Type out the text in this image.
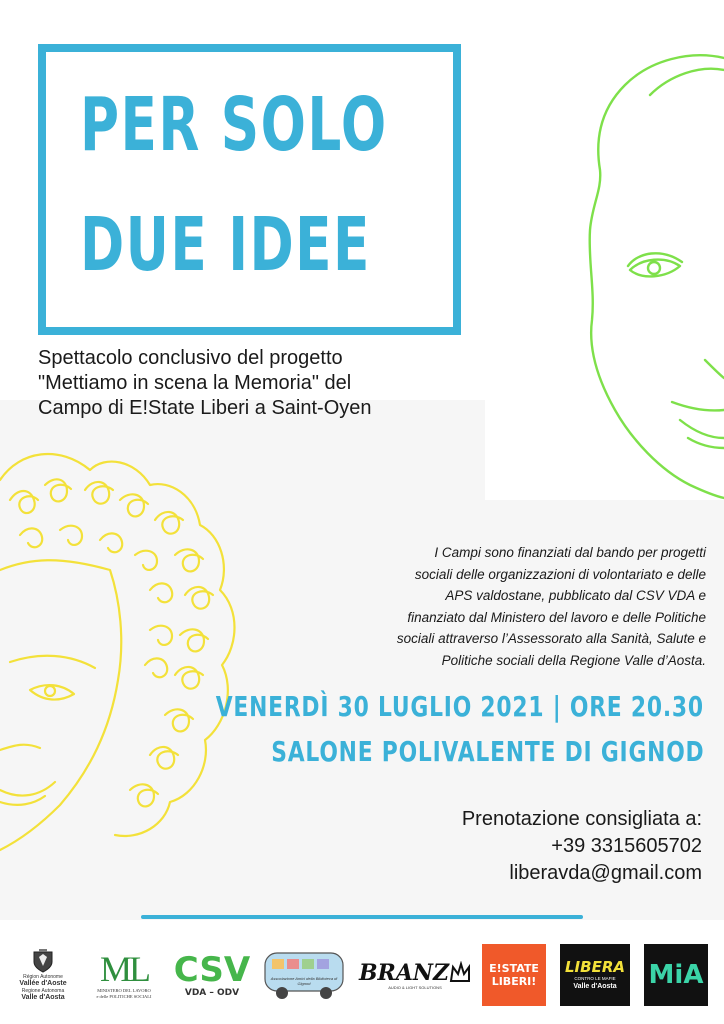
PER SOLO
DUE IDEE
Spettacolo conclusivo del progetto
"Mettiamo in scena la Memoria" del
Campo di E!State Liberi a Saint-Oyen
I Campi sono finanziati dal bando per progetti
sociali delle organizzazioni di volontariato e delle
APS valdostane, pubblicato dal CSV VDA e
finanziato dal Ministero del lavoro e delle Politiche
sociali attraverso l’Assessorato alla Sanità, Salute e
Politiche sociali della Regione Valle d’Aosta.
VENERDÌ 30 LUGLIO 2021 | ORE 20.30
SALONE POLIVALENTE DI GIGNOD
Prenotazione consigliata a:
+39 3315605702
liberavda@gmail.com
Région Autonome
Vallée d'Aoste
Regione Autonoma
Valle d'Aosta
ML
MINISTERO DEL LAVORO
e delle POLITICHE SOCIALI
CSV
VDA – ODV
Associazione Amici della Biblioteca di Gignod	BRANZ
AUDIO & LIGHT SOLUTIONS
E!STATE
LIBERI!
LIBERA
CONTRO LE MAFIE
Valle d'Aosta MiA
